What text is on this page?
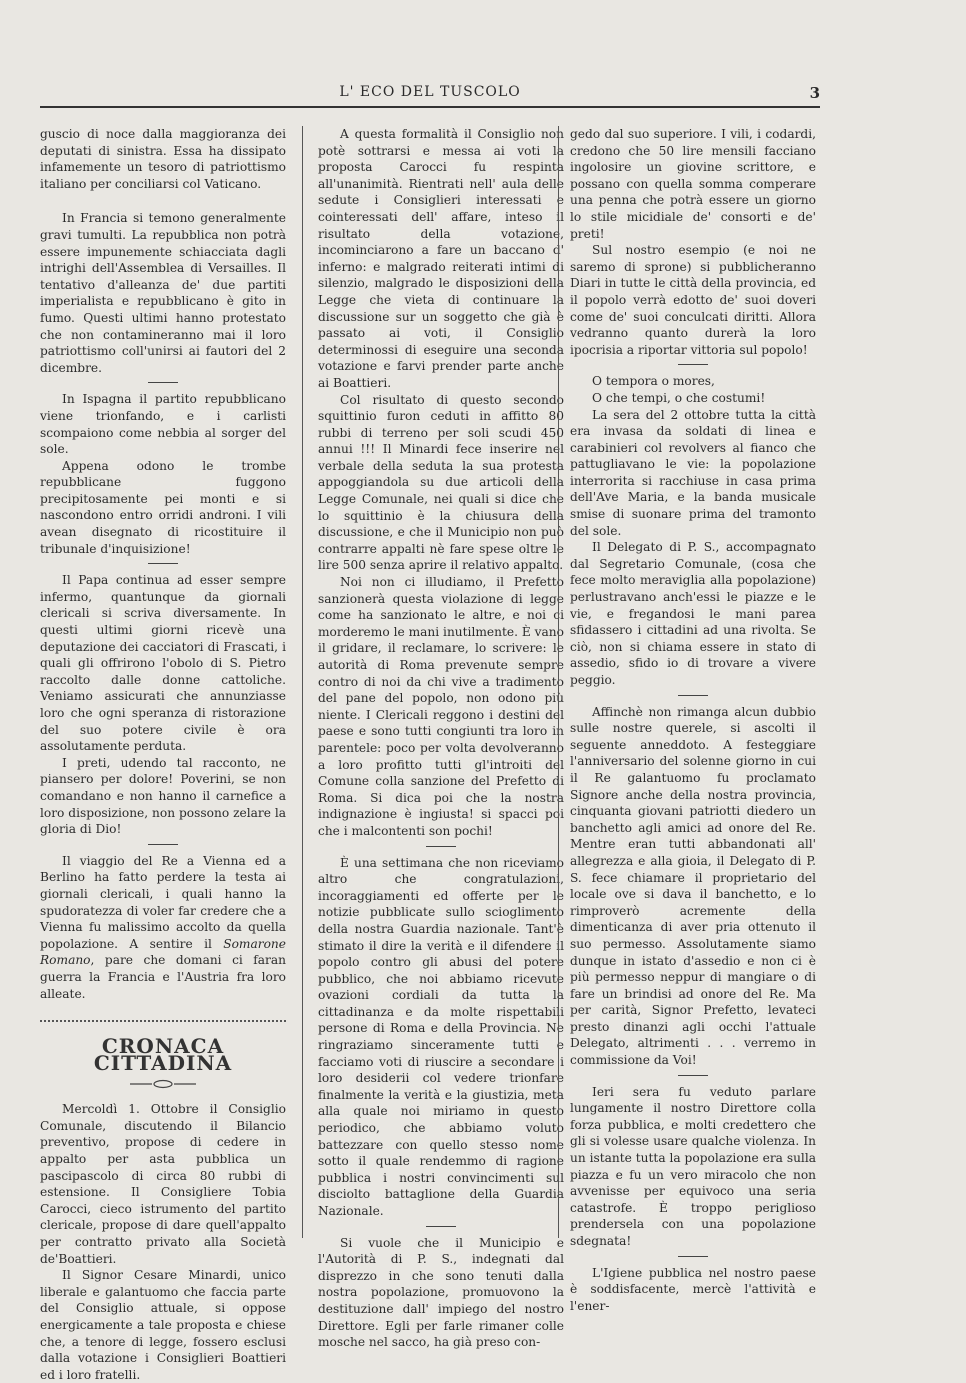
L' ECO DEL TUSCOLO	3

guscio di noce dalla maggioranza dei deputati di sinistra. Essa ha dissipato infamemente un tesoro di patriottismo italiano per conciliarsi col Vaticano.

In Francia si temono generalmente gravi tumulti. La repubblica non potrà essere impunemente schiacciata dagli intrighi dell'Assemblea di Versailles. Il tentativo d'alleanza de' due partiti imperialista e repubblicano è gito in fumo. Questi ultimi hanno protestato che non contamineranno mai il loro patriottismo coll'unirsi ai fautori del 2 dicembre.

In Ispagna il partito repubblicano viene trionfando, e i carlisti scompaiono come nebbia al sorger del sole.

Appena odono le trombe repubblicane fuggono precipitosamente pei monti e si nascondono entro orridi androni. I vili avean disegnato di ricostituire il tribunale d'inquisizione!

Il Papa continua ad esser sempre infermo, quantunque da giornali clericali si scriva diversamente. In questi ultimi giorni ricevè una deputazione dei cacciatori di Frascati, i quali gli offrirono l'obolo di S. Pietro raccolto dalle donne cattoliche. Veniamo assicurati che annunziasse loro che ogni speranza di ristorazione del suo potere civile è ora assolutamente perduta.

I preti, udendo tal racconto, ne piansero per dolore! Poverini, se non comandano e non hanno il carnefice a loro disposizione, non possono zelare la gloria di Dio!

Il viaggio del Re a Vienna ed a Berlino ha fatto perdere la testa ai giornali clericali, i quali hanno la spudoratezza di voler far credere che a Vienna fu malissimo accolto da quella popolazione. A sentire il Somarone Romano, pare che domani ci faran guerra la Francia e l'Austria fra loro alleate.

CRONACA CITTADINA

Mercoldì 1. Ottobre il Consiglio Comunale, discutendo il Bilancio preventivo, propose di cedere in appalto per asta pubblica un pascipascolo di circa 80 rubbi di estensione. Il Consigliere Tobia Carocci, cieco istrumento del partito clericale, propose di dare quell'appalto per contratto privato alla Società de'Boattieri.

Il Signor Cesare Minardi, unico liberale e galantuomo che faccia parte del Consiglio attuale, si oppose energicamente a tale proposta e chiese che, a tenore di legge, fossero esclusi dalla votazione i Consiglieri Boattieri ed i loro fratelli.

A questa formalità il Consiglio non potè sottrarsi e messa ai voti la proposta Carocci fu respinta all'unanimità. Rientrati nell' aula delle sedute i Consiglieri interessati e cointeressati dell' affare, inteso il risultato della votazione, incominciarono a fare un baccano d' inferno: e malgrado reiterati intimi di silenzio, malgrado le disposizioni della Legge che vieta di continuare la discussione sur un soggetto che già è passato ai voti, il Consiglio determinossi di eseguire una seconda votazione e farvi prender parte anche ai Boattieri.

Col risultato di questo secondo squittinio furon ceduti in affitto 80 rubbi di terreno per soli scudi 450 annui !!! Il Minardi fece inserire nel verbale della seduta la sua protesta appoggiandola su due articoli della Legge Comunale, nei quali si dice che lo squittinio è la chiusura della discussione, e che il Municipio non può contrarre appalti nè fare spese oltre le lire 500 senza aprire il relativo appalto.

Noi non ci illudiamo, il Prefetto sanzionerà questa violazione di legge come ha sanzionato le altre, e noi ci morderemo le mani inutilmente. È vano il gridare, il reclamare, lo scrivere: le autorità di Roma prevenute sempre contro di noi da chi vive a tradimento del pane del popolo, non odono più niente. I Clericali reggono i destini del paese e sono tutti congiunti tra loro in parentele: poco per volta devolveranno a loro profitto tutti gl'introiti del Comune colla sanzione del Prefetto di Roma. Si dica poi che la nostra indignazione è ingiusta! si spacci poi che i malcontenti son pochi!

È una settimana che non riceviamo altro che congratulazioni, incoraggiamenti ed offerte per le notizie pubblicate sullo scioglimento della nostra Guardia nazionale. Tant'è stimato il dire la verità e il difendere il popolo contro gli abusi del potere pubblico, che noi abbiamo ricevute ovazioni cordiali da tutta la cittadinanza e da molte rispettabili persone di Roma e della Provincia. Ne ringraziamo sinceramente tutti e facciamo voti di riuscire a secondare i loro desiderii col vedere trionfare finalmente la verità e la giustizia, meta alla quale noi miriamo in questo periodico, che abbiamo voluto battezzare con quello stesso nome sotto il quale rendemmo di ragione pubblica i nostri convincimenti sul disciolto battaglione della Guardia Nazionale.

Si vuole che il Municipio e l'Autorità di P. S., indegnati dal disprezzo in che sono tenuti dalla nostra popolazione, promuovono la destituzione dall' impiego del nostro Direttore. Egli per farle rimaner colle mosche nel sacco, ha già preso con-

gedo dal suo superiore. I vili, i codardi, credono che 50 lire mensili facciano ingolosire un giovine scrittore, e possano con quella somma comperare una penna che potrà essere un giorno lo stile micidiale de' consorti e de' preti!

Sul nostro esempio (e noi ne saremo di sprone) si pubblicheranno Diari in tutte le città della provincia, ed il popolo verrà edotto de' suoi doveri come de' suoi conculcati diritti. Allora vedranno quanto durerà la loro ipocrisia a riportar vittoria sul popolo!

O tempora o mores,

O che tempi, o che costumi!

La sera del 2 ottobre tutta la città era invasa da soldati di linea e carabinieri col revolvers al fianco che pattugliavano le vie: la popolazione interrorita si racchiuse in casa prima dell'Ave Maria, e la banda musicale smise di suonare prima del tramonto del sole.

Il Delegato di P. S., accompagnato dal Segretario Comunale, (cosa che fece molto meraviglia alla popolazione) perlustravano anch'essi le piazze e le vie, e fregandosi le mani parea sfidassero i cittadini ad una rivolta. Se ciò, non si chiama essere in stato di assedio, sfido io di trovare a vivere peggio.

Affinchè non rimanga alcun dubbio sulle nostre querele, si ascolti il seguente anneddoto. A festeggiare l'anniversario del solenne giorno in cui il Re galantuomo fu proclamato Signore anche della nostra provincia, cinquanta giovani patriotti diedero un banchetto agli amici ad onore del Re. Mentre eran tutti abbandonati all' allegrezza e alla gioia, il Delegato di P. S. fece chiamare il proprietario del locale ove si dava il banchetto, e lo rimproverò acremente della dimenticanza di aver pria ottenuto il suo permesso. Assolutamente siamo dunque in istato d'assedio e non ci è più permesso neppur di mangiare o di fare un brindisi ad onore del Re. Ma per carità, Signor Prefetto, levateci presto dinanzi agli occhi l'attuale Delegato, altrimenti . . . verremo in commissione da Voi!

Ieri sera fu veduto parlare lungamente il nostro Direttore colla forza pubblica, e molti credettero che gli si volesse usare qualche violenza. In un istante tutta la popolazione era sulla piazza e fu un vero miracolo che non avvenisse per equivoco una seria catastrofe. È troppo periglioso prendersela con una popolazione sdegnata!

L'Igiene pubblica nel nostro paese è soddisfacente, mercè l'attività e l'ener-
